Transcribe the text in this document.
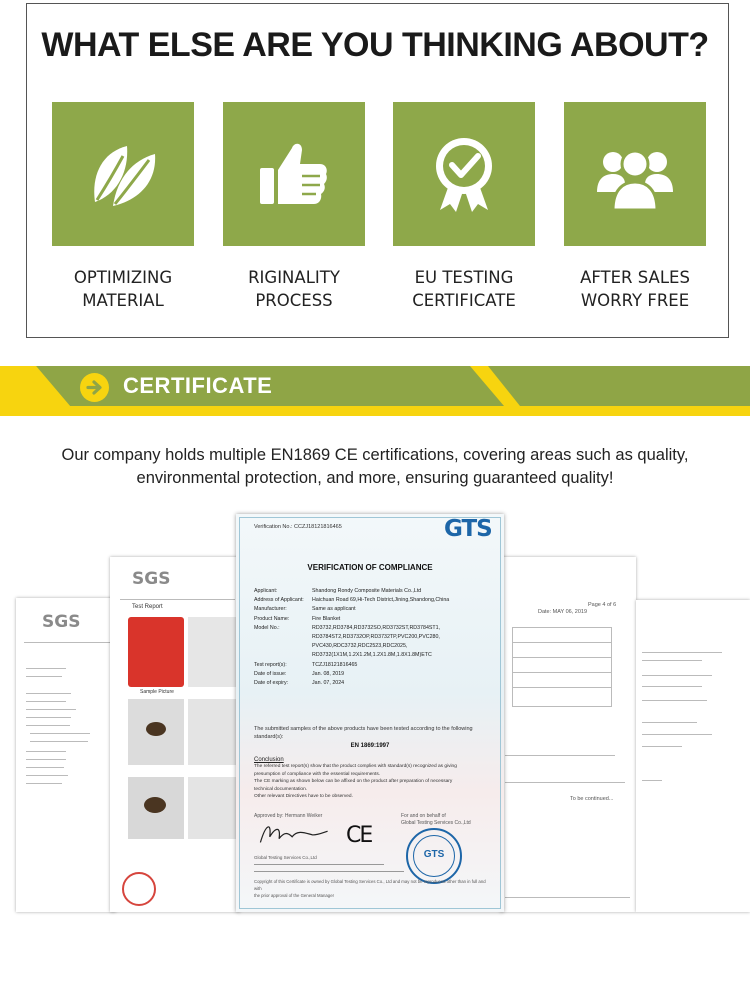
WHAT ELSE ARE YOU THINKING ABOUT?
OPTIMIZING
MATERIAL
RIGINALITY
PROCESS
EU TESTING
CERTIFICATE
AFTER SALES
WORRY FREE
CERTIFICATE
Our company holds multiple EN1869 CE certifications, covering areas such as quality, environmental protection, and more, ensuring guaranteed quality!
SGS
SGS
Test Report
Sample Picture
Date: MAY 06, 2019
Page 4 of 6
To be continued...
Verification No.: CCZJ18121816465	GTS
VERIFICATION OF COMPLIANCE
Applicant:	Shandong Rondy Composite Materials Co.,Ltd
Address of Applicant:	Haichuan Road 69,Hi-Tech District,Jining,Shandong,China
Manufacturer:	Same as applicant
Product Name:	Fire Blanket
Model No.:	RD3732,RD3784,RD3732SO,RD3732ST,RD3784ST1,
RD3784ST2,RD3732OP,RD3732TP,PVC200,PVC280,
PVC430,RDC3732,RDC2523,RDC2025,
RD3732(1X1M,1.2X1.2M,1.2X1.8M,1.8X1.8M)ETC
Test report(s):	TCZJ18121816465
Date of issue:	Jan. 08, 2019
Date of expiry:	Jan. 07, 2024
The submitted samples of the above products have been tested according to the following standard(s):
EN 1869:1997
Conclusion
The referred test report(s) show that the product complies with standard(s) recognized as giving
presumption of compliance with the essential requirements.
The CE marking as shown below can be affixed on the product after preparation of necessary
technical documentation.
Other relevant Directives have to be observed.
Approved by: Hermann Weiker	For and on behalf of
Global Testing Services Co.,Ltd
CE
GTS
Global Testing Services Co.,Ltd
Copyright of this Certificate is owned by Global Testing Services Co., Ltd and may not be reproduced other than in full and with
the prior approval of the General Manager
